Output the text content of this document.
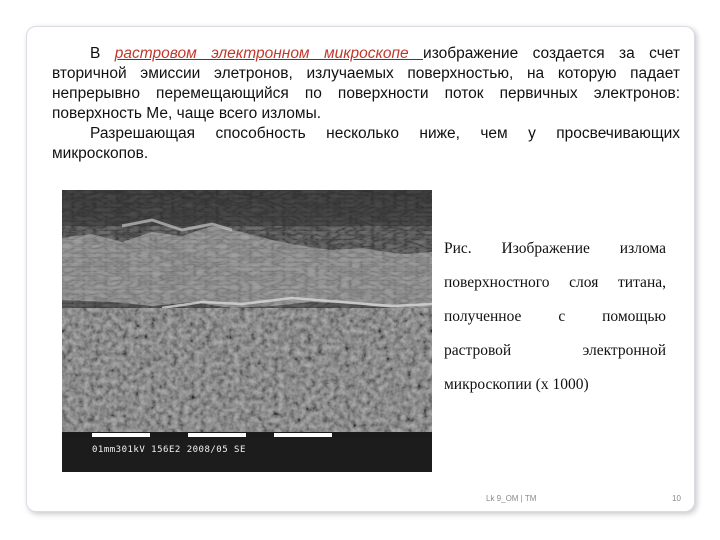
В растровом электронном микроскопе изображение создается за счет вторичной эмиссии элетронов, излучаемых поверхностью, на которую падает непрерывно перемещающийся по поверхности поток первичных электронов: поверхность Ме, чаще всего изломы.

Разрешающая способность несколько ниже, чем у просвечивающих микроскопов.

01mm301kV 156E2 2008/05 SE
Рис. Изображение излома
поверхностного слоя титана,
полученное с помощью
растровой электронной
микроскопии (х 1000)
Lk 9_OM | TM	10
